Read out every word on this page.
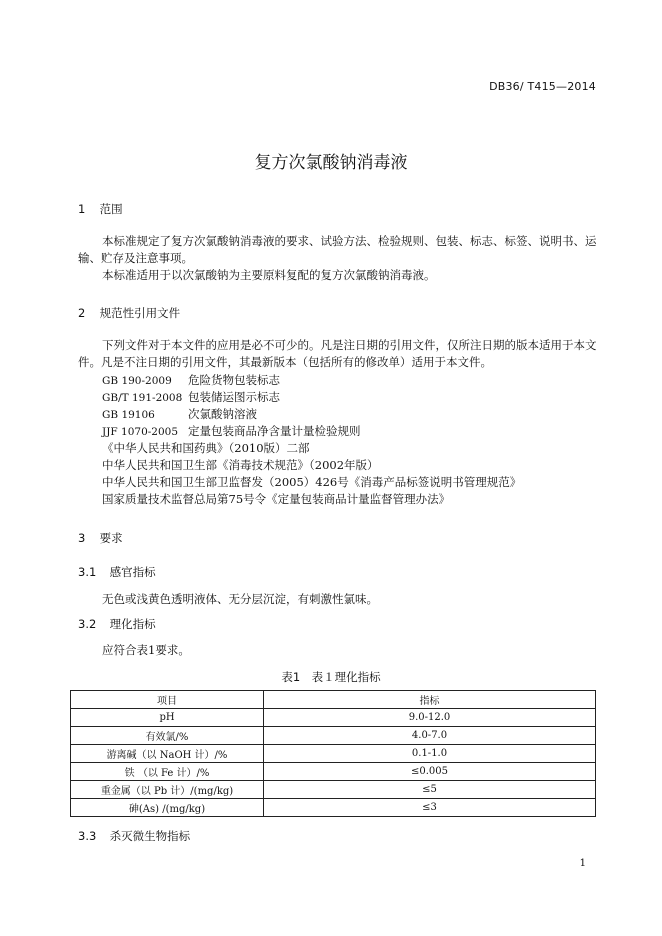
DB36/ T415—2014
复方次氯酸钠消毒液
1 范围
本标准规定了复方次氯酸钠消毒液的要求、试验方法、检验规则、包装、标志、标签、说明书、运输、贮存及注意事项。
本标准适用于以次氯酸钠为主要原料复配的复方次氯酸钠消毒液。
2 规范性引用文件
下列文件对于本文件的应用是必不可少的。凡是注日期的引用文件，仅所注日期的版本适用于本文件。凡是不注日期的引用文件，其最新版本（包括所有的修改单）适用于本文件。
GB 190-2009 危险货物包装标志
GB/T 191-2008 包装储运图示标志
GB 19106	次氯酸钠溶液
JJF 1070-2005 定量包装商品净含量计量检验规则
《中华人民共和国药典》（2010版）二部
中华人民共和国卫生部《消毒技术规范》（2002年版）
中华人民共和国卫生部卫监督发（2005）426号《消毒产品标签说明书管理规范》
国家质量技术监督总局第75号令《定量包装商品计量监督管理办法》
3 要求
3.1 感官指标
无色或浅黄色透明液体、无分层沉淀，有刺激性氯味。
3.2 理化指标
应符合表1要求。
表1　表１理化指标
项目	指标
pH	9.0-12.0
有效氯/%	4.0-7.0
游离碱（以 NaOH 计）/%	0.1-1.0
铁 （以 Fe 计）/%	≤0.005
重金属（以 Pb 计）/(mg/kg)	≤5
砷(As) /(mg/kg)	≤3
3.3 杀灭微生物指标
1
